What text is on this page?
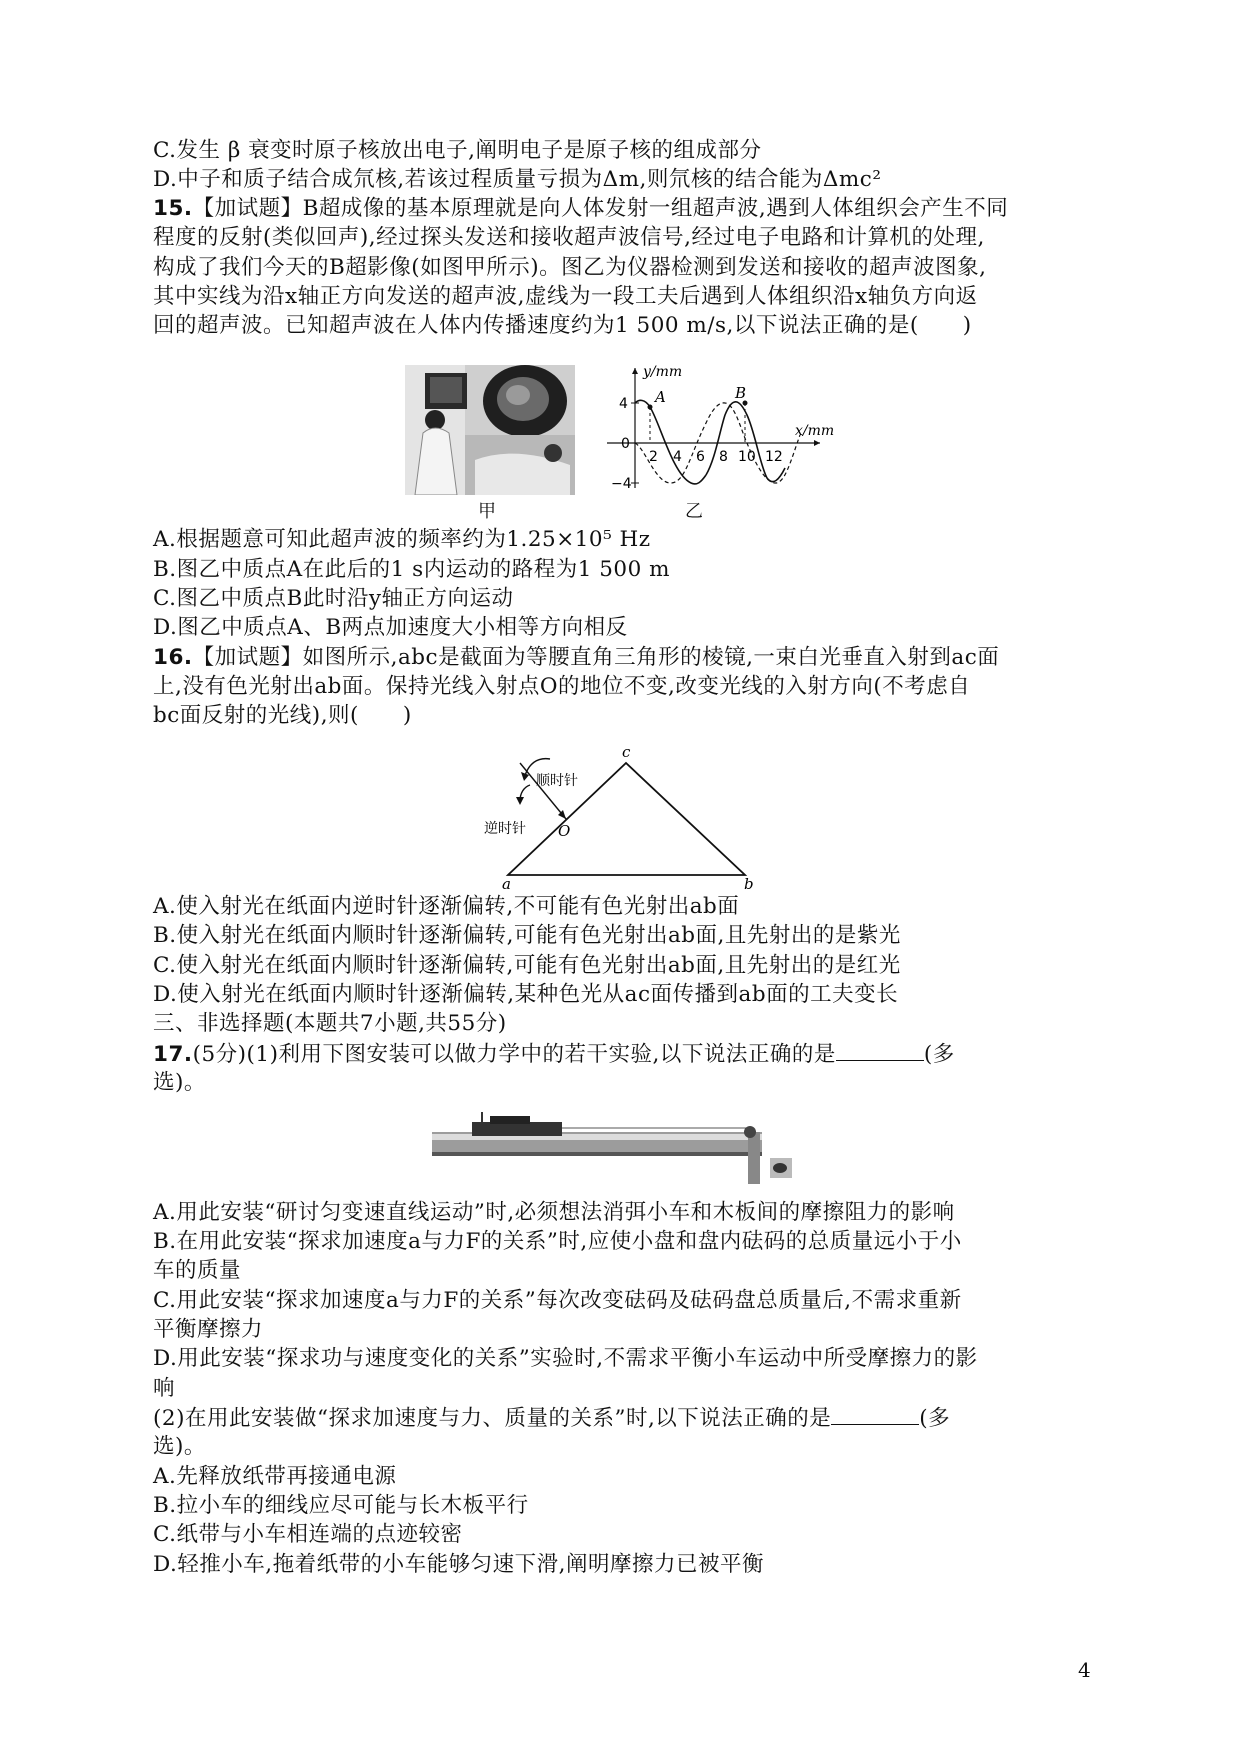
C.发生 β 衰变时原子核放出电子,阐明电子是原子核的组成部分
D.中子和质子结合成氘核,若该过程质量亏损为Δm,则氘核的结合能为Δmc²
15.【加试题】B超成像的基本原理就是向人体发射一组超声波,遇到人体组织会产生不同
程度的反射(类似回声),经过探头发送和接收超声波信号,经过电子电路和计算机的处理,
构成了我们今天的B超影像(如图甲所示)。图乙为仪器检测到发送和接收的超声波图象,
其中实线为沿x轴正方向发送的超声波,虚线为一段工夫后遇到人体组织沿x轴负方向返
回的超声波。已知超声波在人体内传播速度约为1 500 m/s,以下说法正确的是(　　)
甲
y/mm
x/mm
4
0
−4
2 4 6 8 10 12
A	B
乙
A.根据题意可知此超声波的频率约为1.25×10⁵ Hz
B.图乙中质点A在此后的1 s内运动的路程为1 500 m
C.图乙中质点B此时沿y轴正方向运动
D.图乙中质点A、B两点加速度大小相等方向相反
16.【加试题】如图所示,abc是截面为等腰直角三角形的棱镜,一束白光垂直入射到ac面
上,没有色光射出ab面。保持光线入射点O的地位不变,改变光线的入射方向(不考虑自
bc面反射的光线),则(　　)
c
a	b
O
顺时针
逆时针
A.使入射光在纸面内逆时针逐渐偏转,不可能有色光射出ab面
B.使入射光在纸面内顺时针逐渐偏转,可能有色光射出ab面,且先射出的是紫光
C.使入射光在纸面内顺时针逐渐偏转,可能有色光射出ab面,且先射出的是红光
D.使入射光在纸面内顺时针逐渐偏转,某种色光从ac面传播到ab面的工夫变长
三、非选择题(本题共7小题,共55分)
17.(5分)(1)利用下图安装可以做力学中的若干实验,以下说法正确的是	(多
选)。
A.用此安装“研讨匀变速直线运动”时,必须想法消弭小车和木板间的摩擦阻力的影响
B.在用此安装“探求加速度a与力F的关系”时,应使小盘和盘内砝码的总质量远小于小
车的质量
C.用此安装“探求加速度a与力F的关系”每次改变砝码及砝码盘总质量后,不需求重新
平衡摩擦力
D.用此安装“探求功与速度变化的关系”实验时,不需求平衡小车运动中所受摩擦力的影
响
(2)在用此安装做“探求加速度与力、质量的关系”时,以下说法正确的是	(多
选)。
A.先释放纸带再接通电源
B.拉小车的细线应尽可能与长木板平行
C.纸带与小车相连端的点迹较密
D.轻推小车,拖着纸带的小车能够匀速下滑,阐明摩擦力已被平衡
4
